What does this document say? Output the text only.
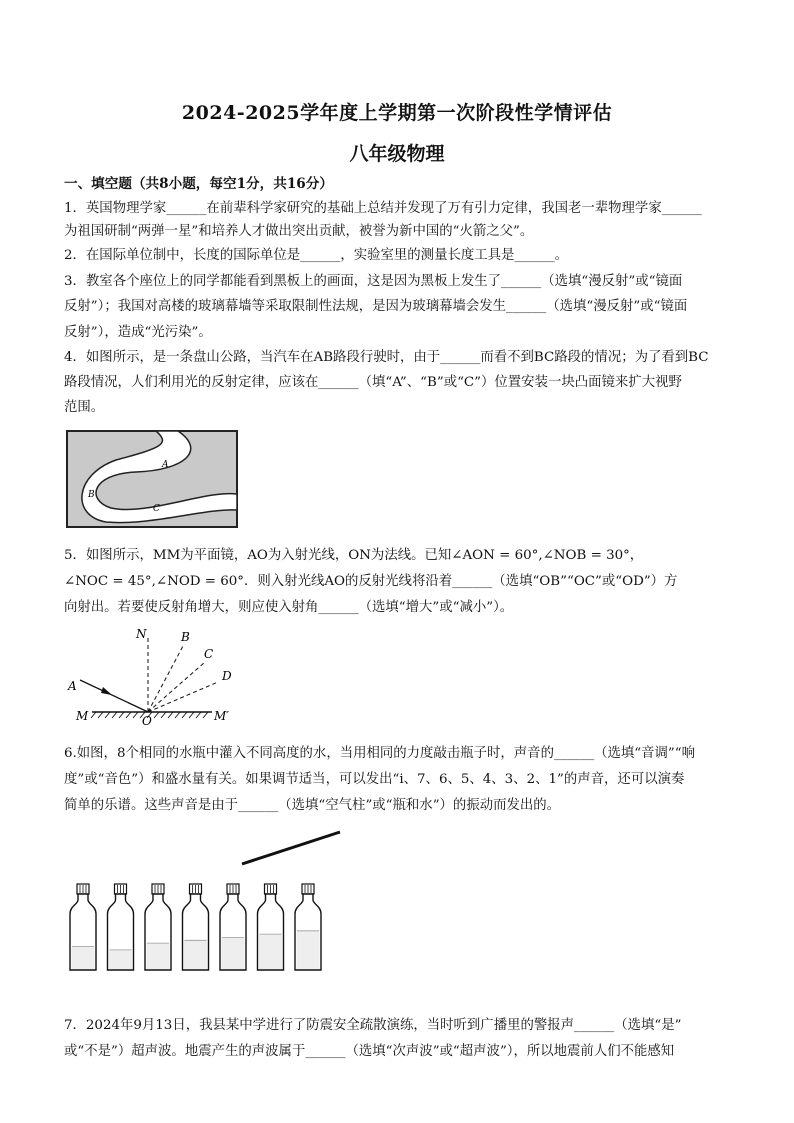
2024-2025学年度上学期第一次阶段性学情评估
八年级物理
一、填空题（共8小题，每空1分，共16分）
1．英国物理学家______在前辈科学家研究的基础上总结并发现了万有引力定律，我国老一辈物理学家______
为祖国研制“两弹一星”和培养人才做出突出贡献，被誉为新中国的“火箭之父”。
2．在国际单位制中，长度的国际单位是______，实验室里的测量长度工具是______。
3．教室各个座位上的同学都能看到黑板上的画面，这是因为黑板上发生了______（选填“漫反射”或“镜面
反射”）；我国对高楼的玻璃幕墙等采取限制性法规，是因为玻璃幕墙会发生______（选填“漫反射”或“镜面
反射”），造成“光污染”。
4．如图所示，是一条盘山公路，当汽车在AB路段行驶时，由于______而看不到BC路段的情况；为了看到BC
路段情况，人们利用光的反射定律，应该在______（填“A”、“B”或“C”）位置安装一块凸面镜来扩大视野
范围。
A
B
C
5．如图所示，MM为平面镜，AO为入射光线，ON为法线。已知∠AON = 60°,∠NOB = 30°，
∠NOC = 45°,∠NOD = 60°．则入射光线AO的反射光线将沿着______（选填“OB”“OC”或“OD”）方
向射出。若要使反射角增大，则应使入射角______（选填“增大”或“减小”）。
N	B
C
D
A
M	O	M′
6.如图，8个相同的水瓶中灌入不同高度的水，当用相同的力度敲击瓶子时，声音的______（选填“音调”“响
度”或“音色”）和盛水量有关。如果调节适当，可以发出“i、7、6、5、4、3、2、1”的声音，还可以演奏
简单的乐谱。这些声音是由于______（选填“空气柱”或“瓶和水”）的振动而发出的。
7．2024年9月13日，我县某中学进行了防震安全疏散演练，当时听到广播里的警报声______（选填“是”
或“不是”）超声波。地震产生的声波属于______（选填“次声波”或“超声波”），所以地震前人们不能感知
